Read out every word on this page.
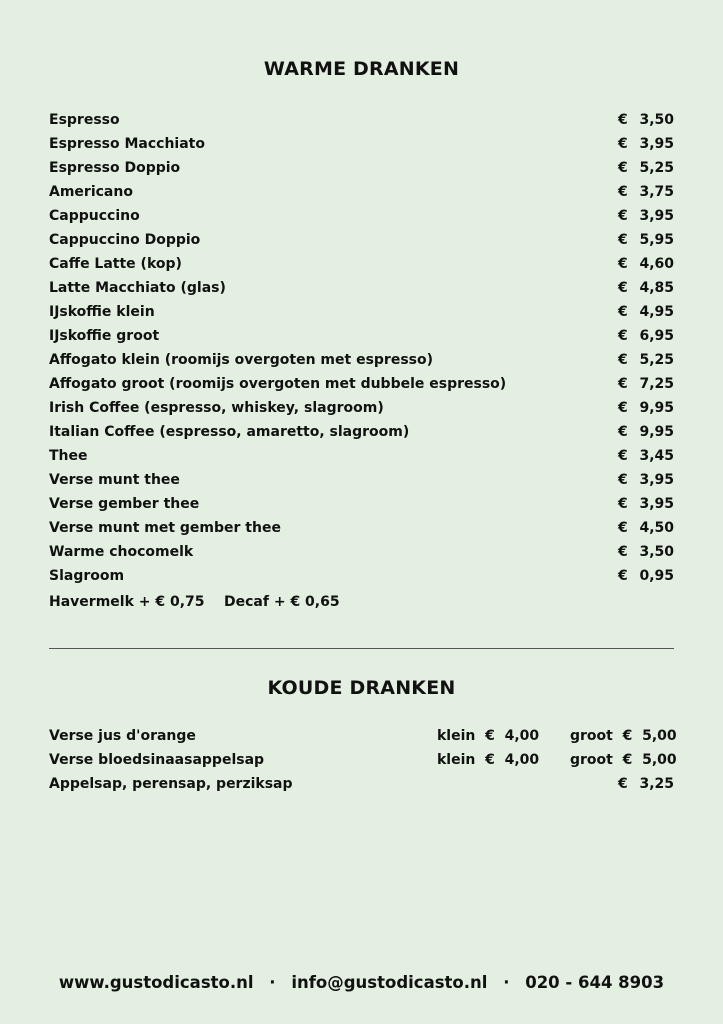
WARME DRANKEN
Espresso	€ 3,50
Espresso Macchiato	€ 3,95
Espresso Doppio	€ 5,25
Americano	€ 3,75
Cappuccino	€ 3,95
Cappuccino Doppio	€ 5,95
Caffe Latte (kop)	€ 4,60
Latte Macchiato (glas)	€ 4,85
IJskoffie klein	€ 4,95
IJskoffie groot	€ 6,95
Affogato klein (roomijs overgoten met espresso)	€ 5,25
Affogato groot (roomijs overgoten met dubbele espresso)	€ 7,25
Irish Coffee (espresso, whiskey, slagroom)	€ 9,95
Italian Coffee (espresso, amaretto, slagroom)	€ 9,95
Thee	€ 3,45
Verse munt thee	€ 3,95
Verse gember thee	€ 3,95
Verse munt met gember thee	€ 4,50
Warme chocomelk	€ 3,50
Slagroom	€ 0,95
Havermelk + € 0,75    Decaf + € 0,65
KOUDE DRANKEN
Verse jus d'orange	klein  €  4,00 groot  €  5,00
Verse bloedsinaasappelsap	klein  €  4,00 groot  €  5,00
Appelsap, perensap, perziksap	€ 3,25
www.gustodicasto.nl · info@gustodicasto.nl · 020 - 644 8903
